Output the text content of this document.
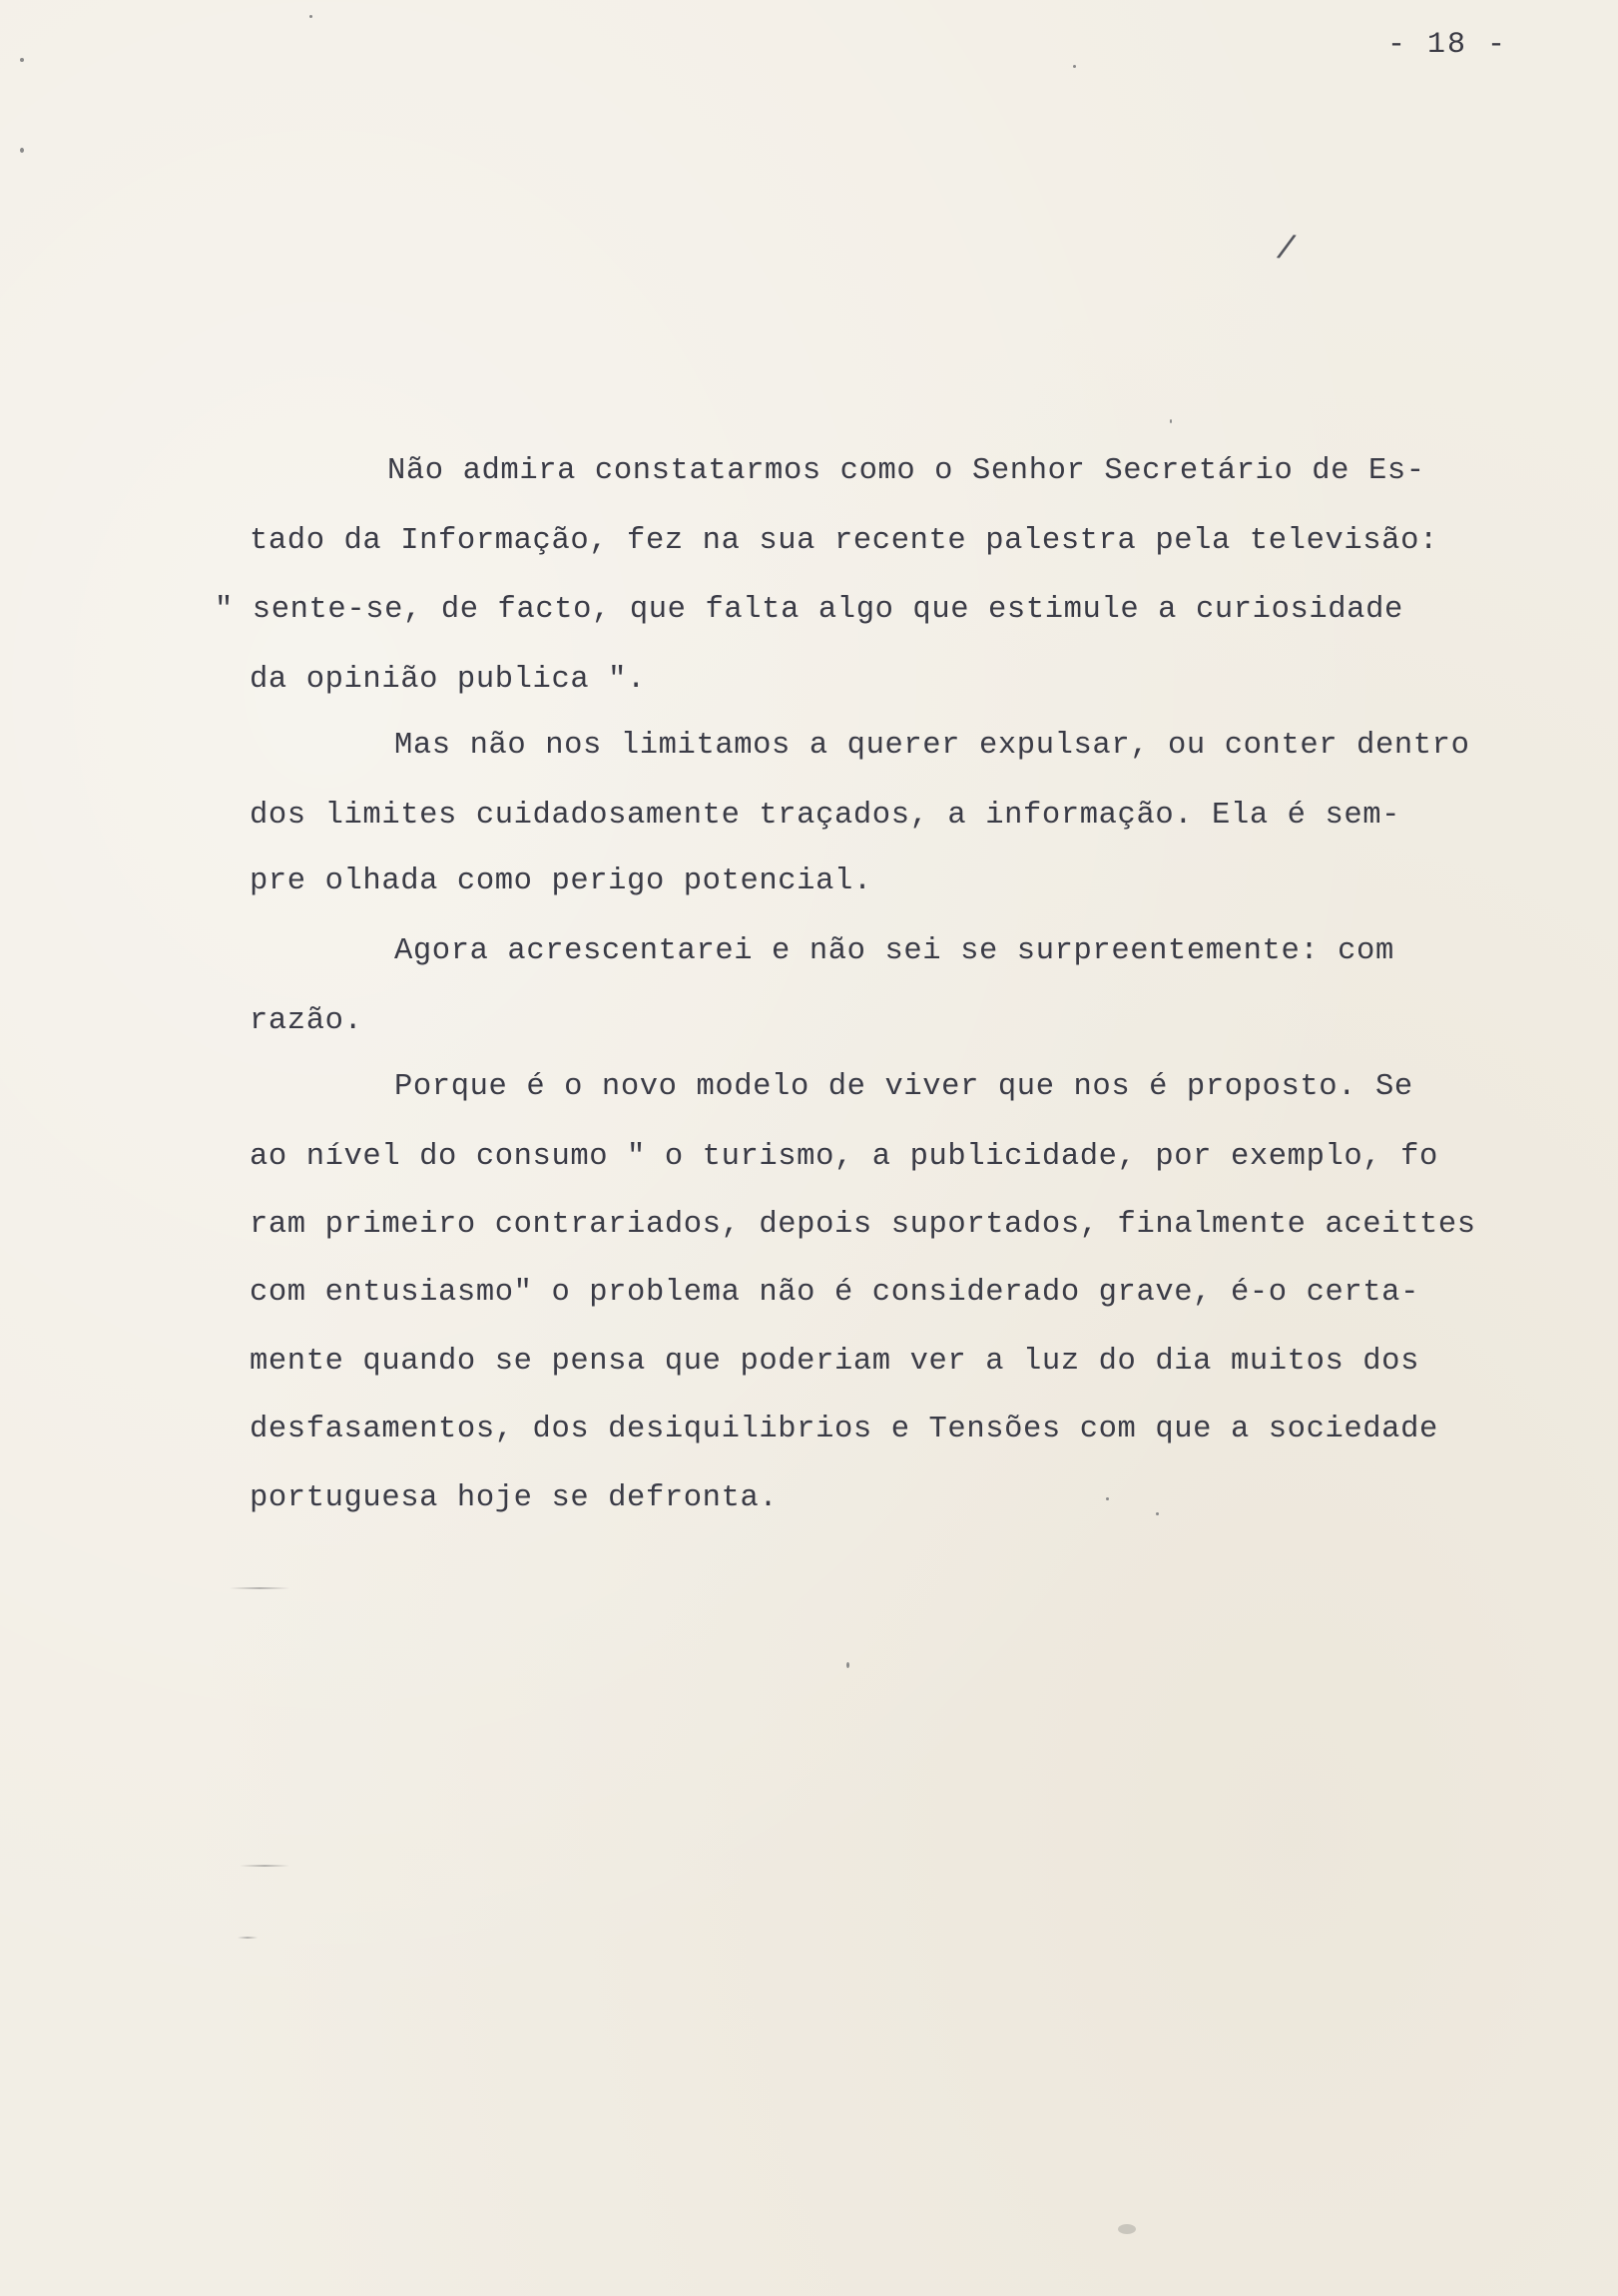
- 18 -
/
Não admira constatarmos como o Senhor Secretário de Es-
tado da Informação, fez na sua recente palestra pela televisão:
" sente-se, de facto, que falta algo que estimule a curiosidade
da opinião publica ".
Mas não nos limitamos a querer expulsar, ou conter dentro
dos limites cuidadosamente traçados, a informação. Ela é sem-
pre olhada como perigo potencial.
Agora acrescentarei e não sei se surpreentemente: com
razão.
Porque é o novo modelo de viver que nos é proposto. Se
ao nível do consumo " o turismo, a publicidade, por exemplo, fo
ram primeiro contrariados, depois suportados, finalmente aceittes
com entusiasmo" o problema não é considerado grave, é-o certa-
mente quando se pensa que poderiam ver a luz do dia muitos dos
desfasamentos, dos desiquilibrios e Tensões com que a sociedade
portuguesa hoje se defronta.
